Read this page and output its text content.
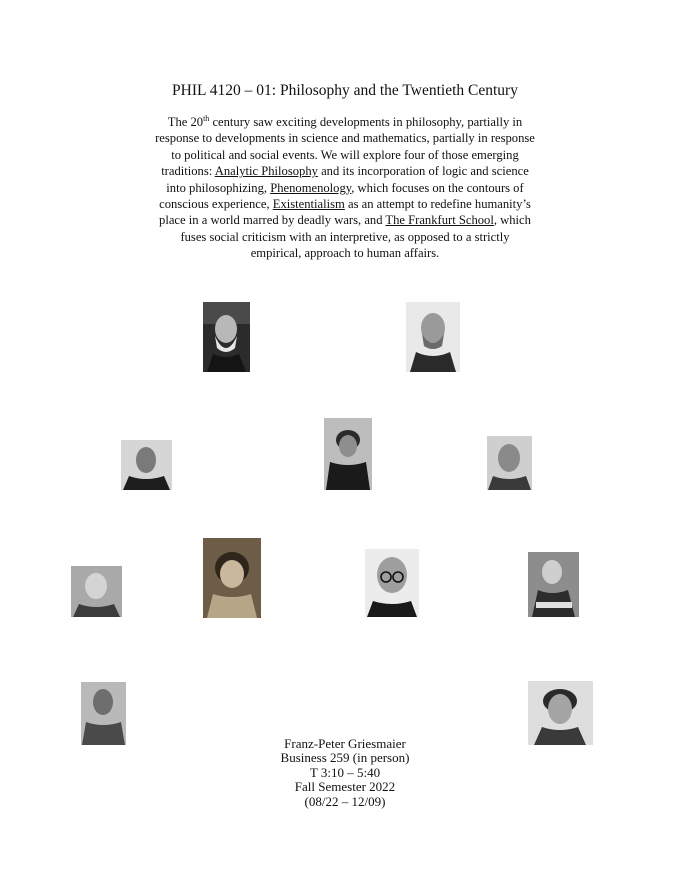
PHIL 4120 – 01: Philosophy and the Twentieth Century
The 20th century saw exciting developments in philosophy, partially in response to developments in science and mathematics, partially in response to political and social events. We will explore four of those emerging traditions: Analytic Philosophy and its incorporation of logic and science into philosophizing, Phenomenology, which focuses on the contours of conscious experience, Existentialism as an attempt to redefine humanity’s place in a world marred by deadly wars, and The Frankfurt School, which fuses social criticism with an interpretive, as opposed to a strictly empirical, approach to human affairs.
Franz-Peter Griesmaier
Business 259 (in person)
T 3:10 – 5:40
Fall Semester 2022
(08/22 – 12/09)
